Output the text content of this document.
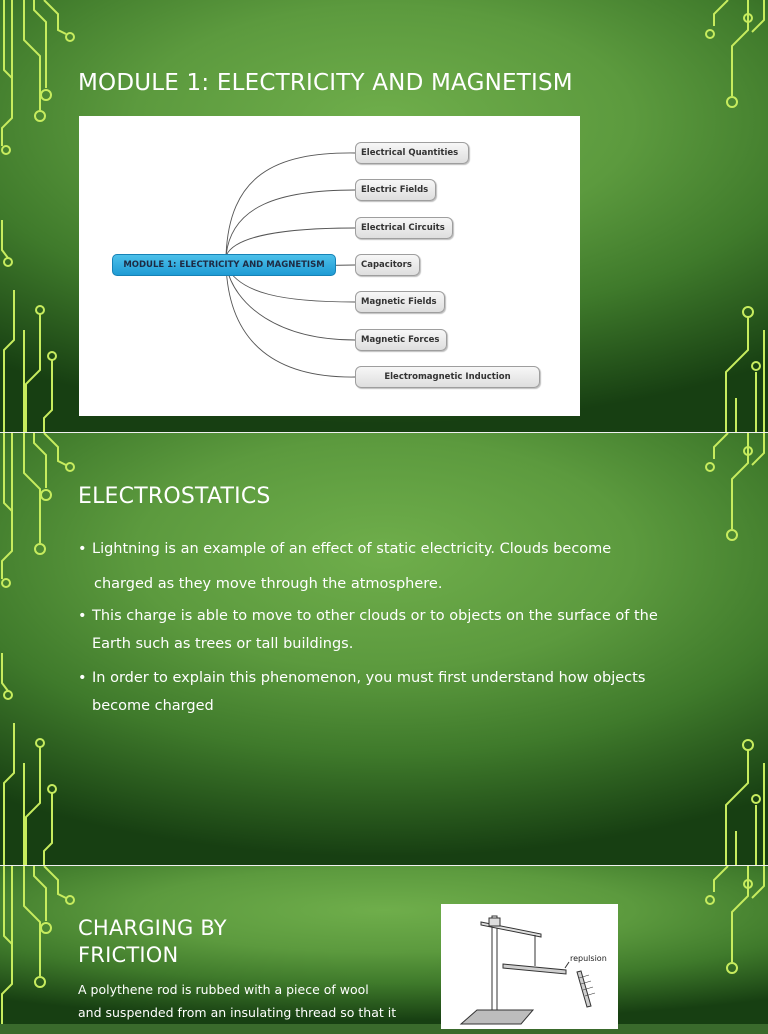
MODULE 1: ELECTRICITY AND MAGNETISM
MODULE 1: ELECTRICITY AND MAGNETISM
Electrical Quantities
Electric Fields
Electrical Circuits
Capacitors
Magnetic Fields
Magnetic Forces
Electromagnetic Induction
ELECTROSTATICS
• Lightning is an example of an effect of static electricity. Clouds become
charged as they move through the atmosphere.
• This charge is able to move to other clouds or to objects on the surface of the
Earth such as trees or tall buildings.
• In order to explain this phenomenon, you must first understand how objects
become charged
CHARGING BY FRICTION
A polythene rod is rubbed with a piece of wool
and suspended from an insulating thread so that it
repulsion
